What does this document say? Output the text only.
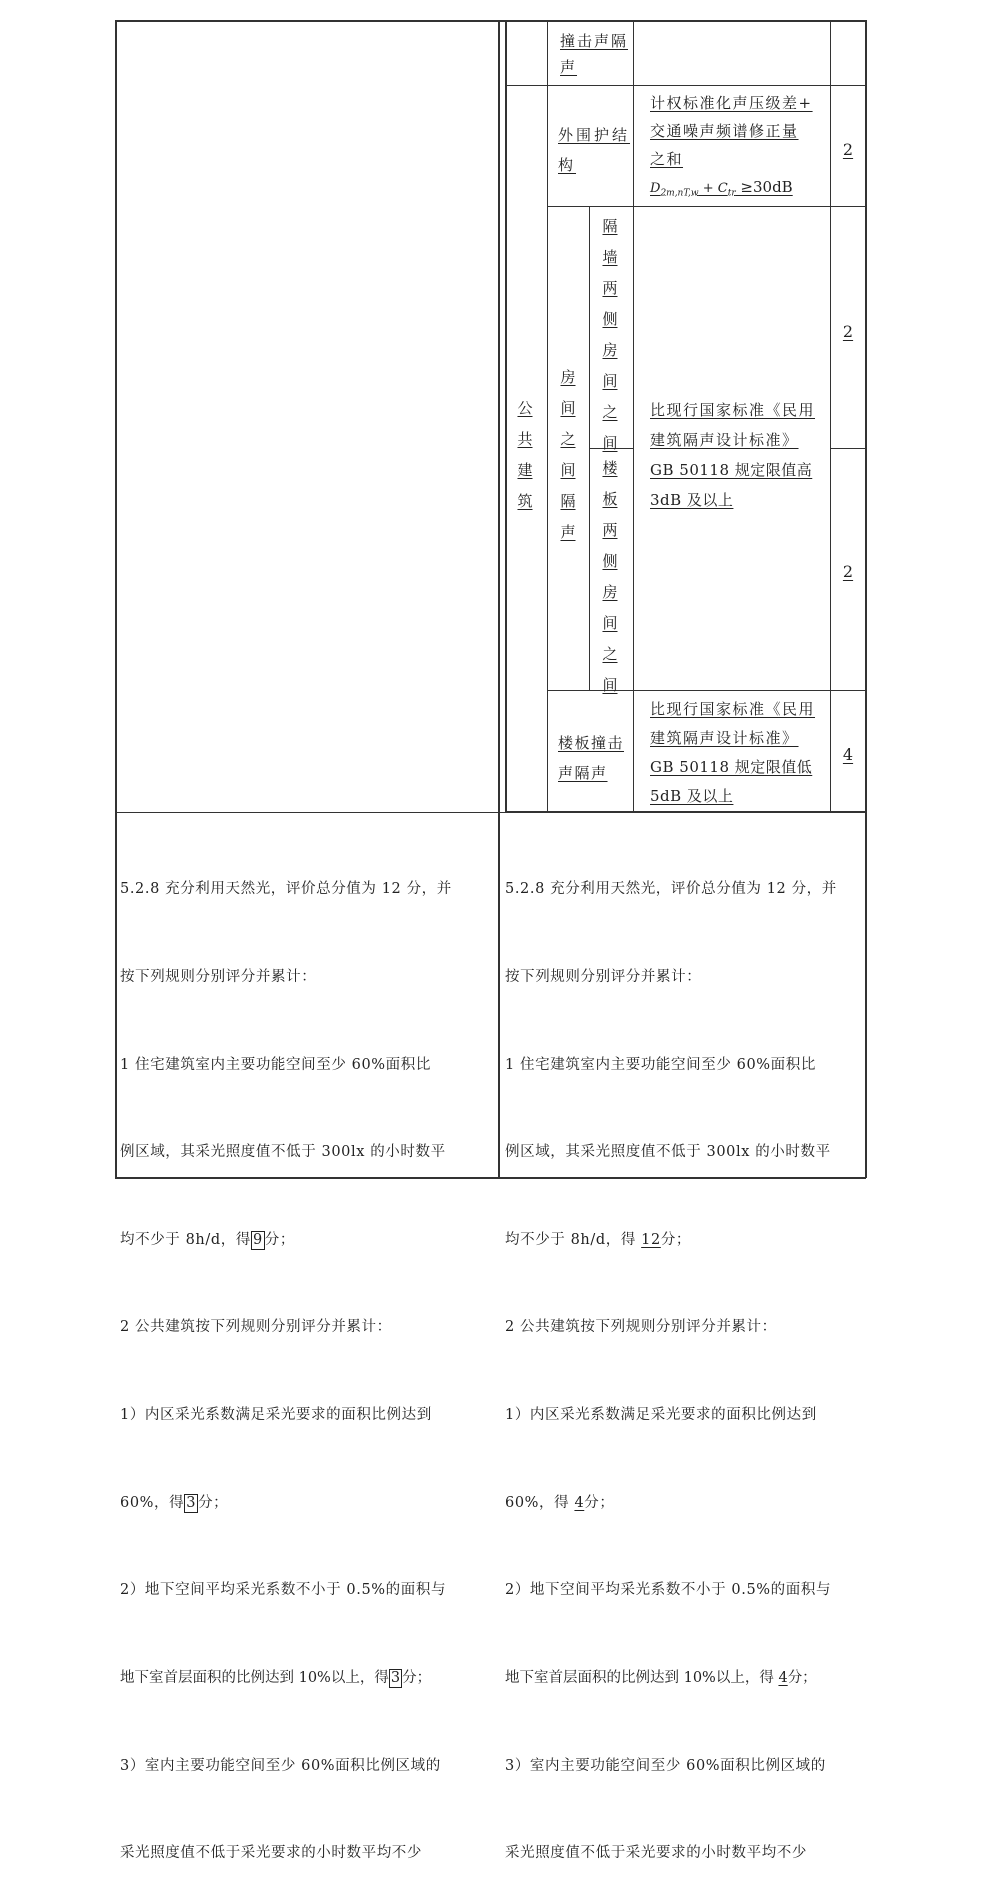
撞击声隔声
外围护结构
计权标准化声压级差+
交通噪声频谱修正量
之和
$D_{2m,nT,w} + C_{tr} \ge 30dB$
2
公
共
建
筑
房
间
之
间
隔
声
隔
墙
两
侧
房
间
之
间
2
楼
板
两
侧
房
间
之
间
2
比现行国家标准《民用
建筑隔声设计标准》
GB 50118 规定限值高
3dB 及以上
楼板撞击
声隔声
比现行国家标准《民用
建筑隔声设计标准》
GB 50118 规定限值低
5dB 及以上
4

5.2.8 充分利用天然光，评价总分值为 12 分，并

按下列规则分别评分并累计：

1 住宅建筑室内主要功能空间至少 60%面积比

例区域，其采光照度值不低于 300lx 的小时数平

均不少于 8h/d，得 9 分；

2 公共建筑按下列规则分别评分并累计：

1）内区采光系数满足采光要求的面积比例达到

60%，得 3 分；

2）地下空间平均采光系数不小于 0.5%的面积与

地下室首层面积的比例达到 10%以上，得 3 分；

3）室内主要功能空间至少 60%面积比例区域的

采光照度值不低于采光要求的小时数平均不少

5.2.8 充分利用天然光，评价总分值为 12 分，并

按下列规则分别评分并累计：

1 住宅建筑室内主要功能空间至少 60%面积比

例区域，其采光照度值不低于 300lx 的小时数平

均不少于 8h/d，得 12分；

2 公共建筑按下列规则分别评分并累计：

1）内区采光系数满足采光要求的面积比例达到

60%，得 4分；

2）地下空间平均采光系数不小于 0.5%的面积与

地下室首层面积的比例达到 10%以上，得 4分；

3）室内主要功能空间至少 60%面积比例区域的

采光照度值不低于采光要求的小时数平均不少
